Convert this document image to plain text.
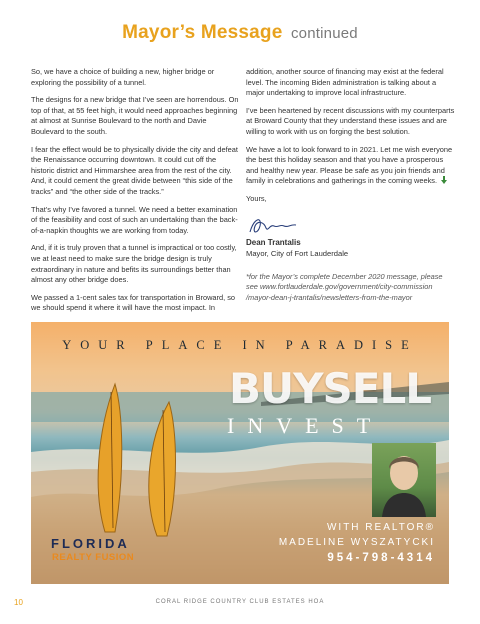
Mayor’s Message continued

So, we have a choice of building a new, higher bridge or exploring the possibility of a tunnel.

The designs for a new bridge that I’ve seen are horrendous. On top of that, at 55 feet high, it would need approaches beginning at almost at Sunrise Boulevard to the north and Davie Boulevard to the south.

I fear the effect would be to physically divide the city and defeat the Renaissance occurring downtown. It could cut off the historic district and Himmarshee area from the rest of the city. And, it could cement the great divide between “this side of the tracks” and “the other side of the tracks.”

That’s why I’ve favored a tunnel. We need a better examination of the feasibility and cost of such an undertaking than the back-of-a-napkin thoughts we are working from today.

And, if it is truly proven that a tunnel is impractical or too costly, we at least need to make sure the bridge design is truly extraordinary in nature and befits its surroundings better than almost any other bridge does.

We passed a 1-cent sales tax for transportation in Broward, so we should spend it where it will have the most impact. In

addition, another source of financing may exist at the federal level. The incoming Biden administration is talking about a major undertaking to improve local infrastructure.

I’ve been heartened by recent discussions with my counterparts at Broward County that they understand these issues and are willing to work with us on forging the best solution.

We have a lot to look forward to in 2021. Let me wish everyone the best this holiday season and that you have a prosperous and healthy new year. Please be safe as you join friends and family in celebrations and gatherings in the coming weeks.

Yours,

Dean Trantalis
Mayor, City of Fort Lauderdale
*for the Mayor’s complete December 2020 message, please see www.fortlauderdale.gov/government/city-commission /mayor-dean-j-trantalis/newsletters-from-the-mayor
YOUR PLACE IN PARADISE
BUYSELL
INVEST
WITH REALTOR®
MADELINE WYSZATYCKI
954-798-4314
FLORIDA
REALTY FUSION
10	CORAL RIDGE COUNTRY CLUB ESTATES HOA
